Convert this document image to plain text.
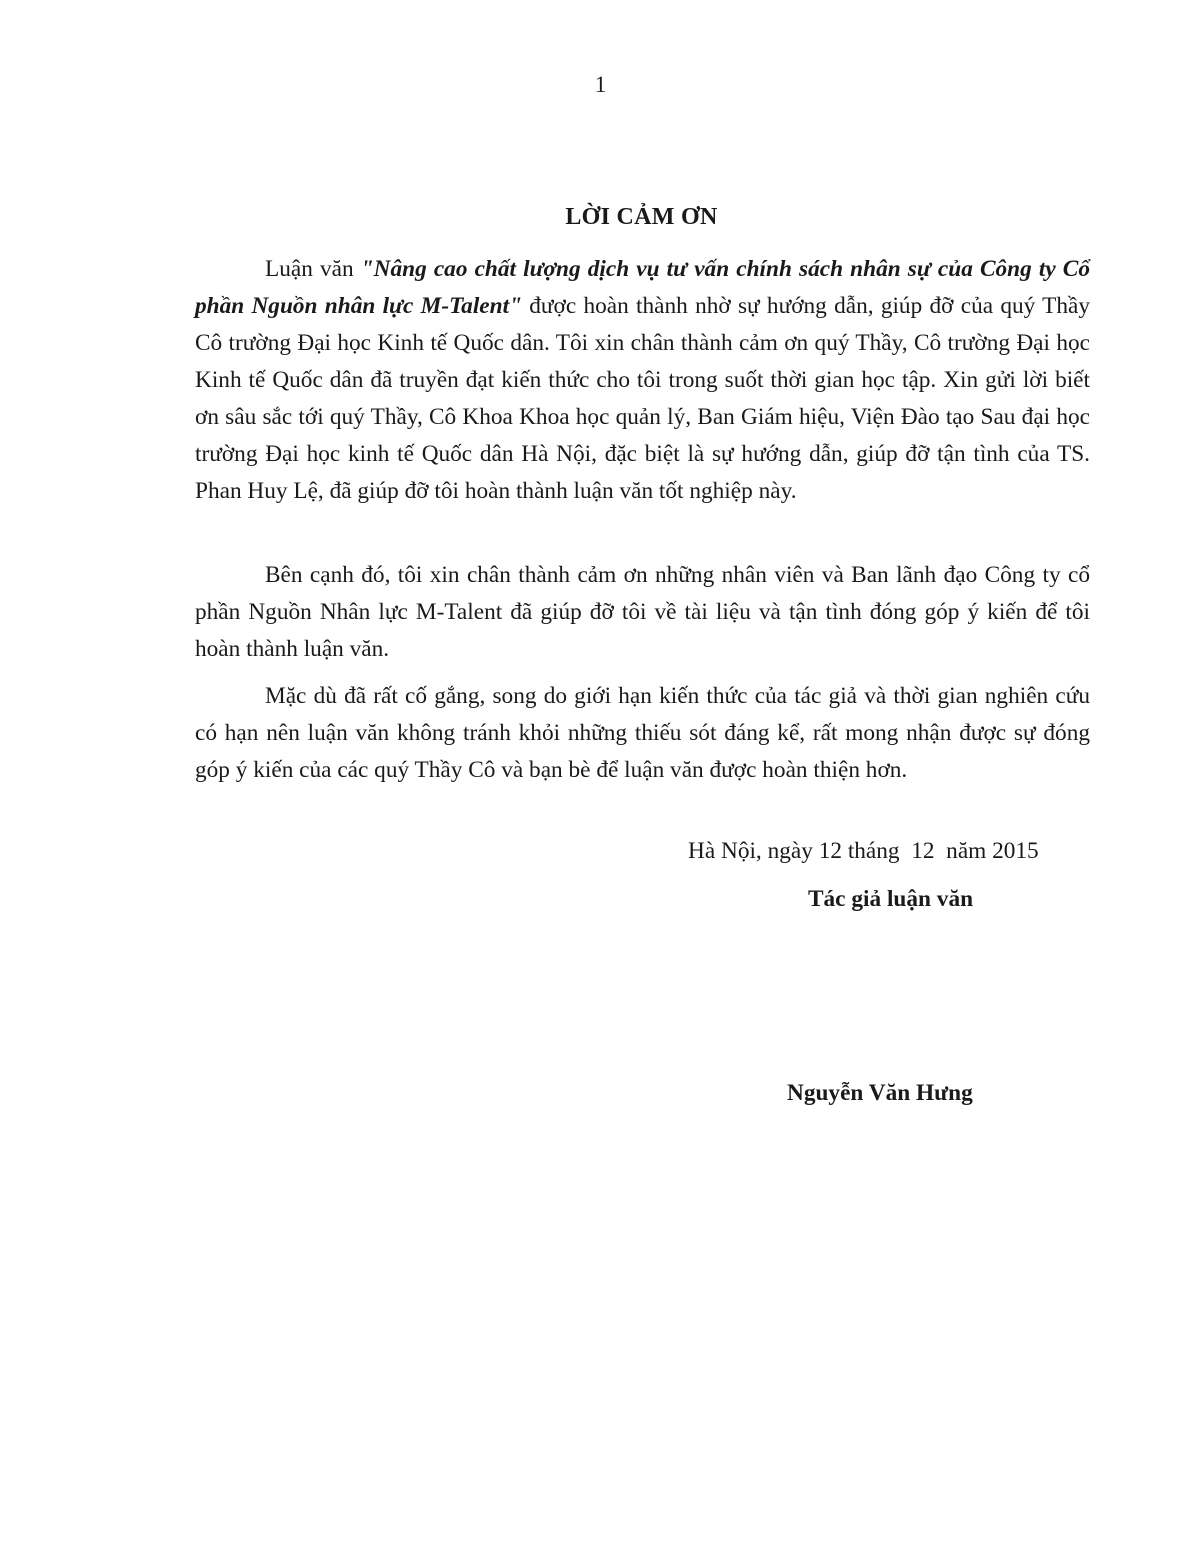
1
LỜI CẢM ƠN

Luận văn "Nâng cao chất lượng dịch vụ tư vấn chính sách nhân sự của Công ty Cổ phần Nguồn nhân lực M-Talent" được hoàn thành nhờ sự hướng dẫn, giúp đỡ của quý Thầy Cô trường Đại học Kinh tế Quốc dân. Tôi xin chân thành cảm ơn quý Thầy, Cô trường Đại học Kinh tế Quốc dân đã truyền đạt kiến thức cho tôi trong suốt thời gian học tập. Xin gửi lời biết ơn sâu sắc tới quý Thầy, Cô Khoa Khoa học quản lý, Ban Giám hiệu, Viện Đào tạo Sau đại học trường Đại học kinh tế Quốc dân Hà Nội, đặc biệt là sự hướng dẫn, giúp đỡ tận tình của TS. Phan Huy Lệ, đã giúp đỡ tôi hoàn thành luận văn tốt nghiệp này.

Bên cạnh đó, tôi xin chân thành cảm ơn những nhân viên và Ban lãnh đạo Công ty cổ phần Nguồn Nhân lực M-Talent đã giúp đỡ tôi về tài liệu và tận tình đóng góp ý kiến để tôi hoàn thành luận văn.

Mặc dù đã rất cố gắng, song do giới hạn kiến thức của tác giả và thời gian nghiên cứu có hạn nên luận văn không tránh khỏi những thiếu sót đáng kể, rất mong nhận được sự đóng góp ý kiến của các quý Thầy Cô và bạn bè để luận văn được hoàn thiện hơn.

Hà Nội, ngày 12 tháng  12  năm 2015
Tác giả luận văn
Nguyễn Văn Hưng
